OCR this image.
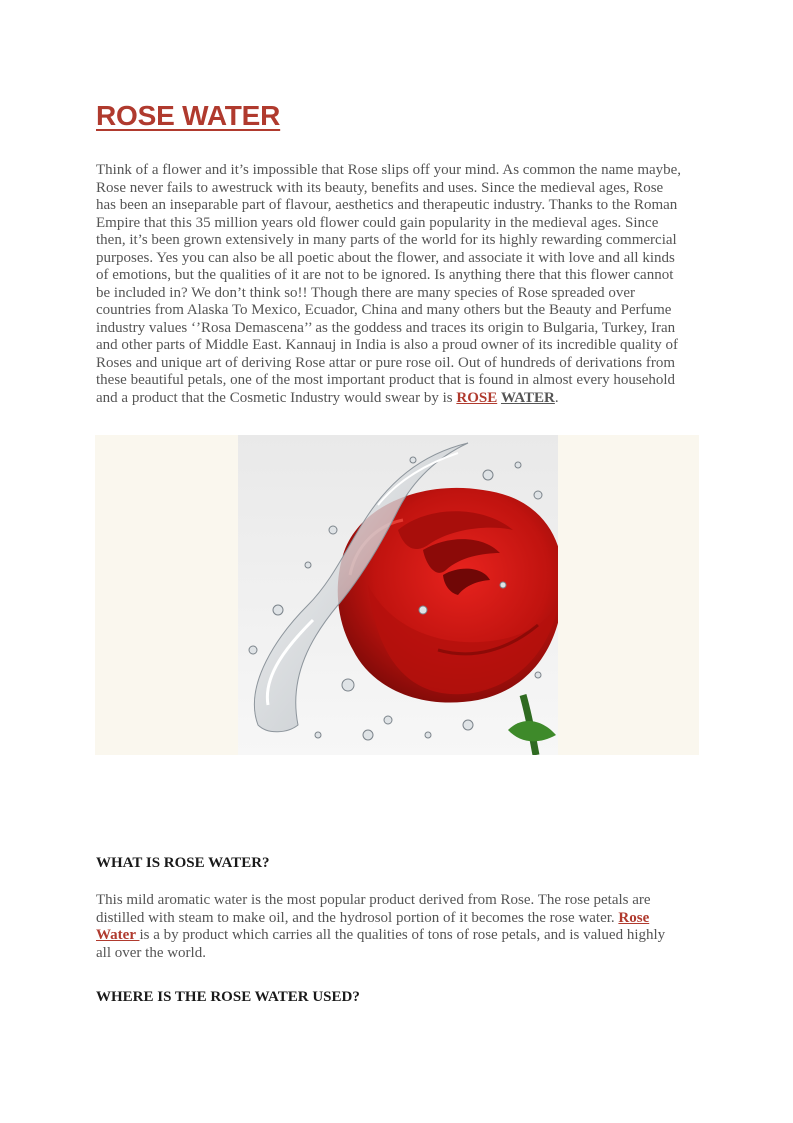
ROSE WATER
Think of a flower and it’s impossible that Rose slips off your mind. As common the name maybe,
Rose never fails to awestruck with its beauty, benefits and uses. Since the medieval ages, Rose
has been an inseparable part of flavour, aesthetics and therapeutic industry. Thanks to the Roman
Empire that this 35 million years old flower could gain popularity in the medieval ages. Since
then, it’s been grown extensively in many parts of the world for its highly rewarding commercial
purposes. Yes you can also be all poetic about the flower, and associate it with love and all kinds
of emotions, but the qualities of it are not to be ignored. Is anything there that this flower cannot
be included in? We don’t think so!! Though there are many species of Rose spreaded over
countries from Alaska To Mexico, Ecuador, China and many others but the Beauty and Perfume
industry values ‘’Rosa Demascena’’ as the goddess and traces its origin to Bulgaria, Turkey, Iran
and other parts of Middle East. Kannauj in India is also a proud owner of its incredible quality of
Roses and unique art of deriving Rose attar or pure rose oil. Out of hundreds of derivations from
these beautiful petals, one of the most important product that is found in almost every household
and a product that the Cosmetic Industry would swear by is ROSE WATER.
WHAT IS ROSE WATER?
This mild aromatic water is the most popular product derived from Rose. The rose petals are
distilled with steam to make oil, and the hydrosol portion of it becomes the rose water. Rose
Water is a by product which carries all the qualities of tons of rose petals, and is valued highly
all over the world.
WHERE IS THE ROSE WATER USED?
